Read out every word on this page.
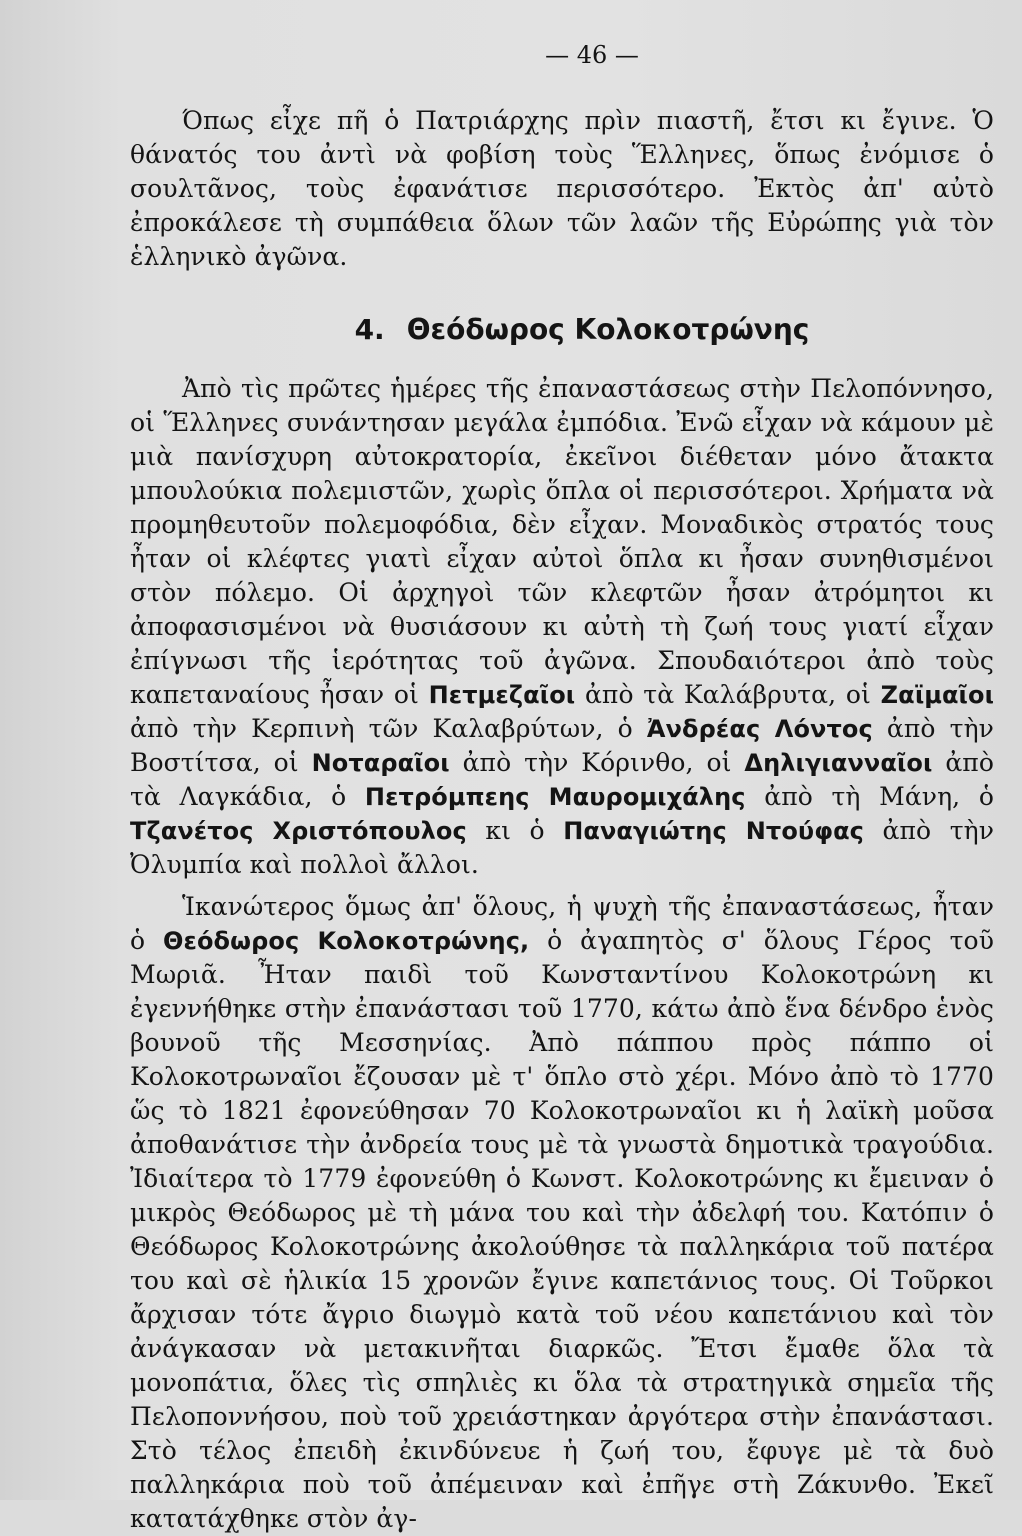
— 46 —

Όπως εἶχε πῆ ὁ Πατριάρχης πρὶν πιαστῆ, ἔτσι κι ἔγινε. Ὁ θάνατός του ἀντὶ νὰ φοβίση τοὺς Ἕλληνες, ὅπως ἐνόμισε ὁ σουλτᾶνος, τοὺς ἐφανάτισε περισσότερο. Ἐκτὸς ἀπ' αὐτὸ ἐπροκάλεσε τὴ συμπάθεια ὅλων τῶν λαῶν τῆς Εὐρώπης γιὰ τὸν ἑλληνικὸ ἀγῶνα.

4. Θεόδωρος Κολοκοτρώνης

Ἀπὸ τὶς πρῶτες ἡμέρες τῆς ἐπαναστάσεως στὴν Πελοπόννησο, οἱ Ἕλληνες συνάντησαν μεγάλα ἐμπόδια. Ἐνῶ εἶχαν νὰ κάμουν μὲ μιὰ πανίσχυρη αὐτοκρατορία, ἐκεῖνοι διέθεταν μόνο ἄτακτα μπουλούκια πολεμιστῶν, χωρὶς ὅπλα οἱ περισσότεροι. Χρήματα νὰ προμηθευτοῦν πολεμοφόδια, δὲν εἶχαν. Μοναδικὸς στρατός τους ἦταν οἱ κλέφτες γιατὶ εἶχαν αὐτοὶ ὅπλα κι ἦσαν συνηθισμένοι στὸν πόλεμο. Οἱ ἀρχηγοὶ τῶν κλεφτῶν ἦσαν ἀτρόμητοι κι ἀποφασισμένοι νὰ θυσιάσουν κι αὐτὴ τὴ ζωή τους γιατί εἶχαν ἐπίγνωσι τῆς ἱερότητας τοῦ ἀγῶνα. Σπουδαιότεροι ἀπὸ τοὺς καπεταναίους ἦσαν οἱ Πετμεζαῖοι ἀπὸ τὰ Καλάβρυτα, οἱ Ζαϊμαῖοι ἀπὸ τὴν Κερπινὴ τῶν Καλαβρύτων, ὁ Ἀνδρέας Λόντος ἀπὸ τὴν Βοστίτσα, οἱ Νοταραῖοι ἀπὸ τὴν Κόρινθο, οἱ Δηλιγιανναῖοι ἀπὸ τὰ Λαγκάδια, ὁ Πετρόμπεης Μαυρομιχάλης ἀπὸ τὴ Μάνη, ὁ Τζανέτος Χριστόπουλος κι ὁ Παναγιώτης Ντούφας ἀπὸ τὴν Ὀλυμπία καὶ πολλοὶ ἄλλοι.

Ἱκανώτερος ὅμως ἀπ' ὅλους, ἡ ψυχὴ τῆς ἐπαναστάσεως, ἦταν ὁ Θεόδωρος Κολοκοτρώνης, ὁ ἀγαπητὸς σ' ὅλους Γέρος τοῦ Μωριᾶ. Ἦταν παιδὶ τοῦ Κωνσταντίνου Κολοκοτρώνη κι ἐγεννήθηκε στὴν ἐπανάστασι τοῦ 1770, κάτω ἀπὸ ἕνα δένδρο ἑνὸς βουνοῦ τῆς Μεσσηνίας. Ἀπὸ πάππου πρὸς πάππο οἱ Κολοκοτρωναῖοι ἔζουσαν μὲ τ' ὅπλο στὸ χέρι. Μόνο ἀπὸ τὸ 1770 ὥς τὸ 1821 ἐφονεύθησαν 70 Κολοκοτρωναῖοι κι ἡ λαϊκὴ μοῦσα ἀποθανάτισε τὴν ἀνδρεία τους μὲ τὰ γνωστὰ δημοτικὰ τραγούδια. Ἰδιαίτερα τὸ 1779 ἐφονεύθη ὁ Κωνστ. Κολοκοτρώνης κι ἔμειναν ὁ μικρὸς Θεόδωρος μὲ τὴ μάνα του καὶ τὴν ἀδελφή του. Κατόπιν ὁ Θεόδωρος Κολοκοτρώνης ἀκολούθησε τὰ παλληκάρια τοῦ πατέρα του καὶ σὲ ἡλικία 15 χρονῶν ἔγινε καπετάνιος τους. Οἱ Τοῦρκοι ἄρχισαν τότε ἄγριο διωγμὸ κατὰ τοῦ νέου καπετάνιου καὶ τὸν ἀνάγκασαν νὰ μετακινῆται διαρκῶς. Ἔτσι ἔμαθε ὅλα τὰ μονοπάτια, ὅλες τὶς σπηλιὲς κι ὅλα τὰ στρατηγικὰ σημεῖα τῆς Πελοποννήσου, ποὺ τοῦ χρειάστηκαν ἀργότερα στὴν ἐπανάστασι. Στὸ τέλος ἐπειδὴ ἐκινδύνευε ἡ ζωή του, ἔφυγε μὲ τὰ δυὸ παλληκάρια ποὺ τοῦ ἀπέμειναν καὶ ἐπῆγε στὴ Ζάκυνθο. Ἐκεῖ κατατάχθηκε στὸν ἀγ-
